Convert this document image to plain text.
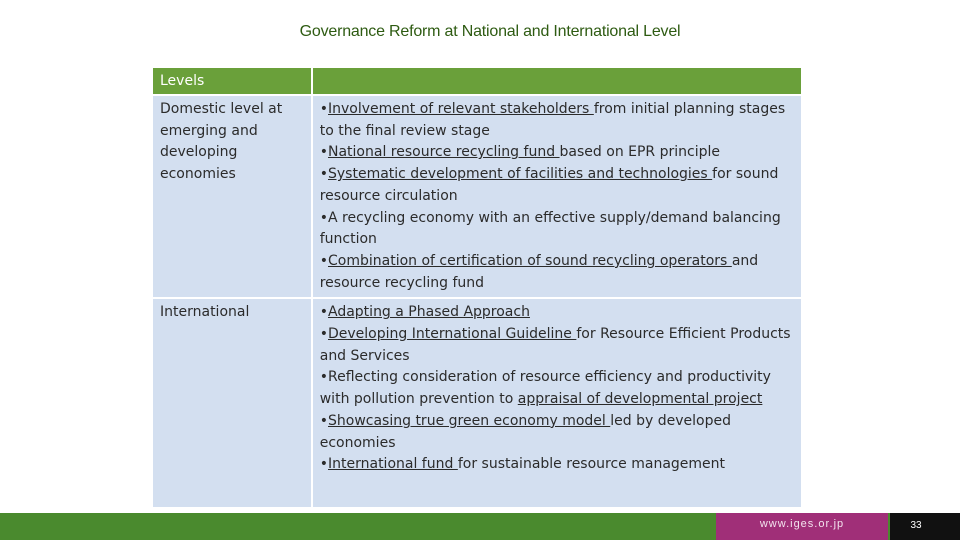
Governance Reform at National and International Level
Levels	
Domestic level at emerging and developing economies	•Involvement of relevant stakeholders from initial planning stages to the final review stage
•National resource recycling fund based on EPR principle
•Systematic development of facilities and technologies for sound resource circulation
•A recycling economy with an effective supply/demand balancing function
•Combination of certification of sound recycling operators and resource recycling fund

International	•Adapting a Phased Approach
•Developing International Guideline for Resource Efficient Products and Services
•Reflecting consideration of resource efficiency and productivity with pollution prevention to appraisal of developmental project
•Showcasing true green economy model led by developed economies
•International fund for sustainable resource management
www.iges.or.jp	33
